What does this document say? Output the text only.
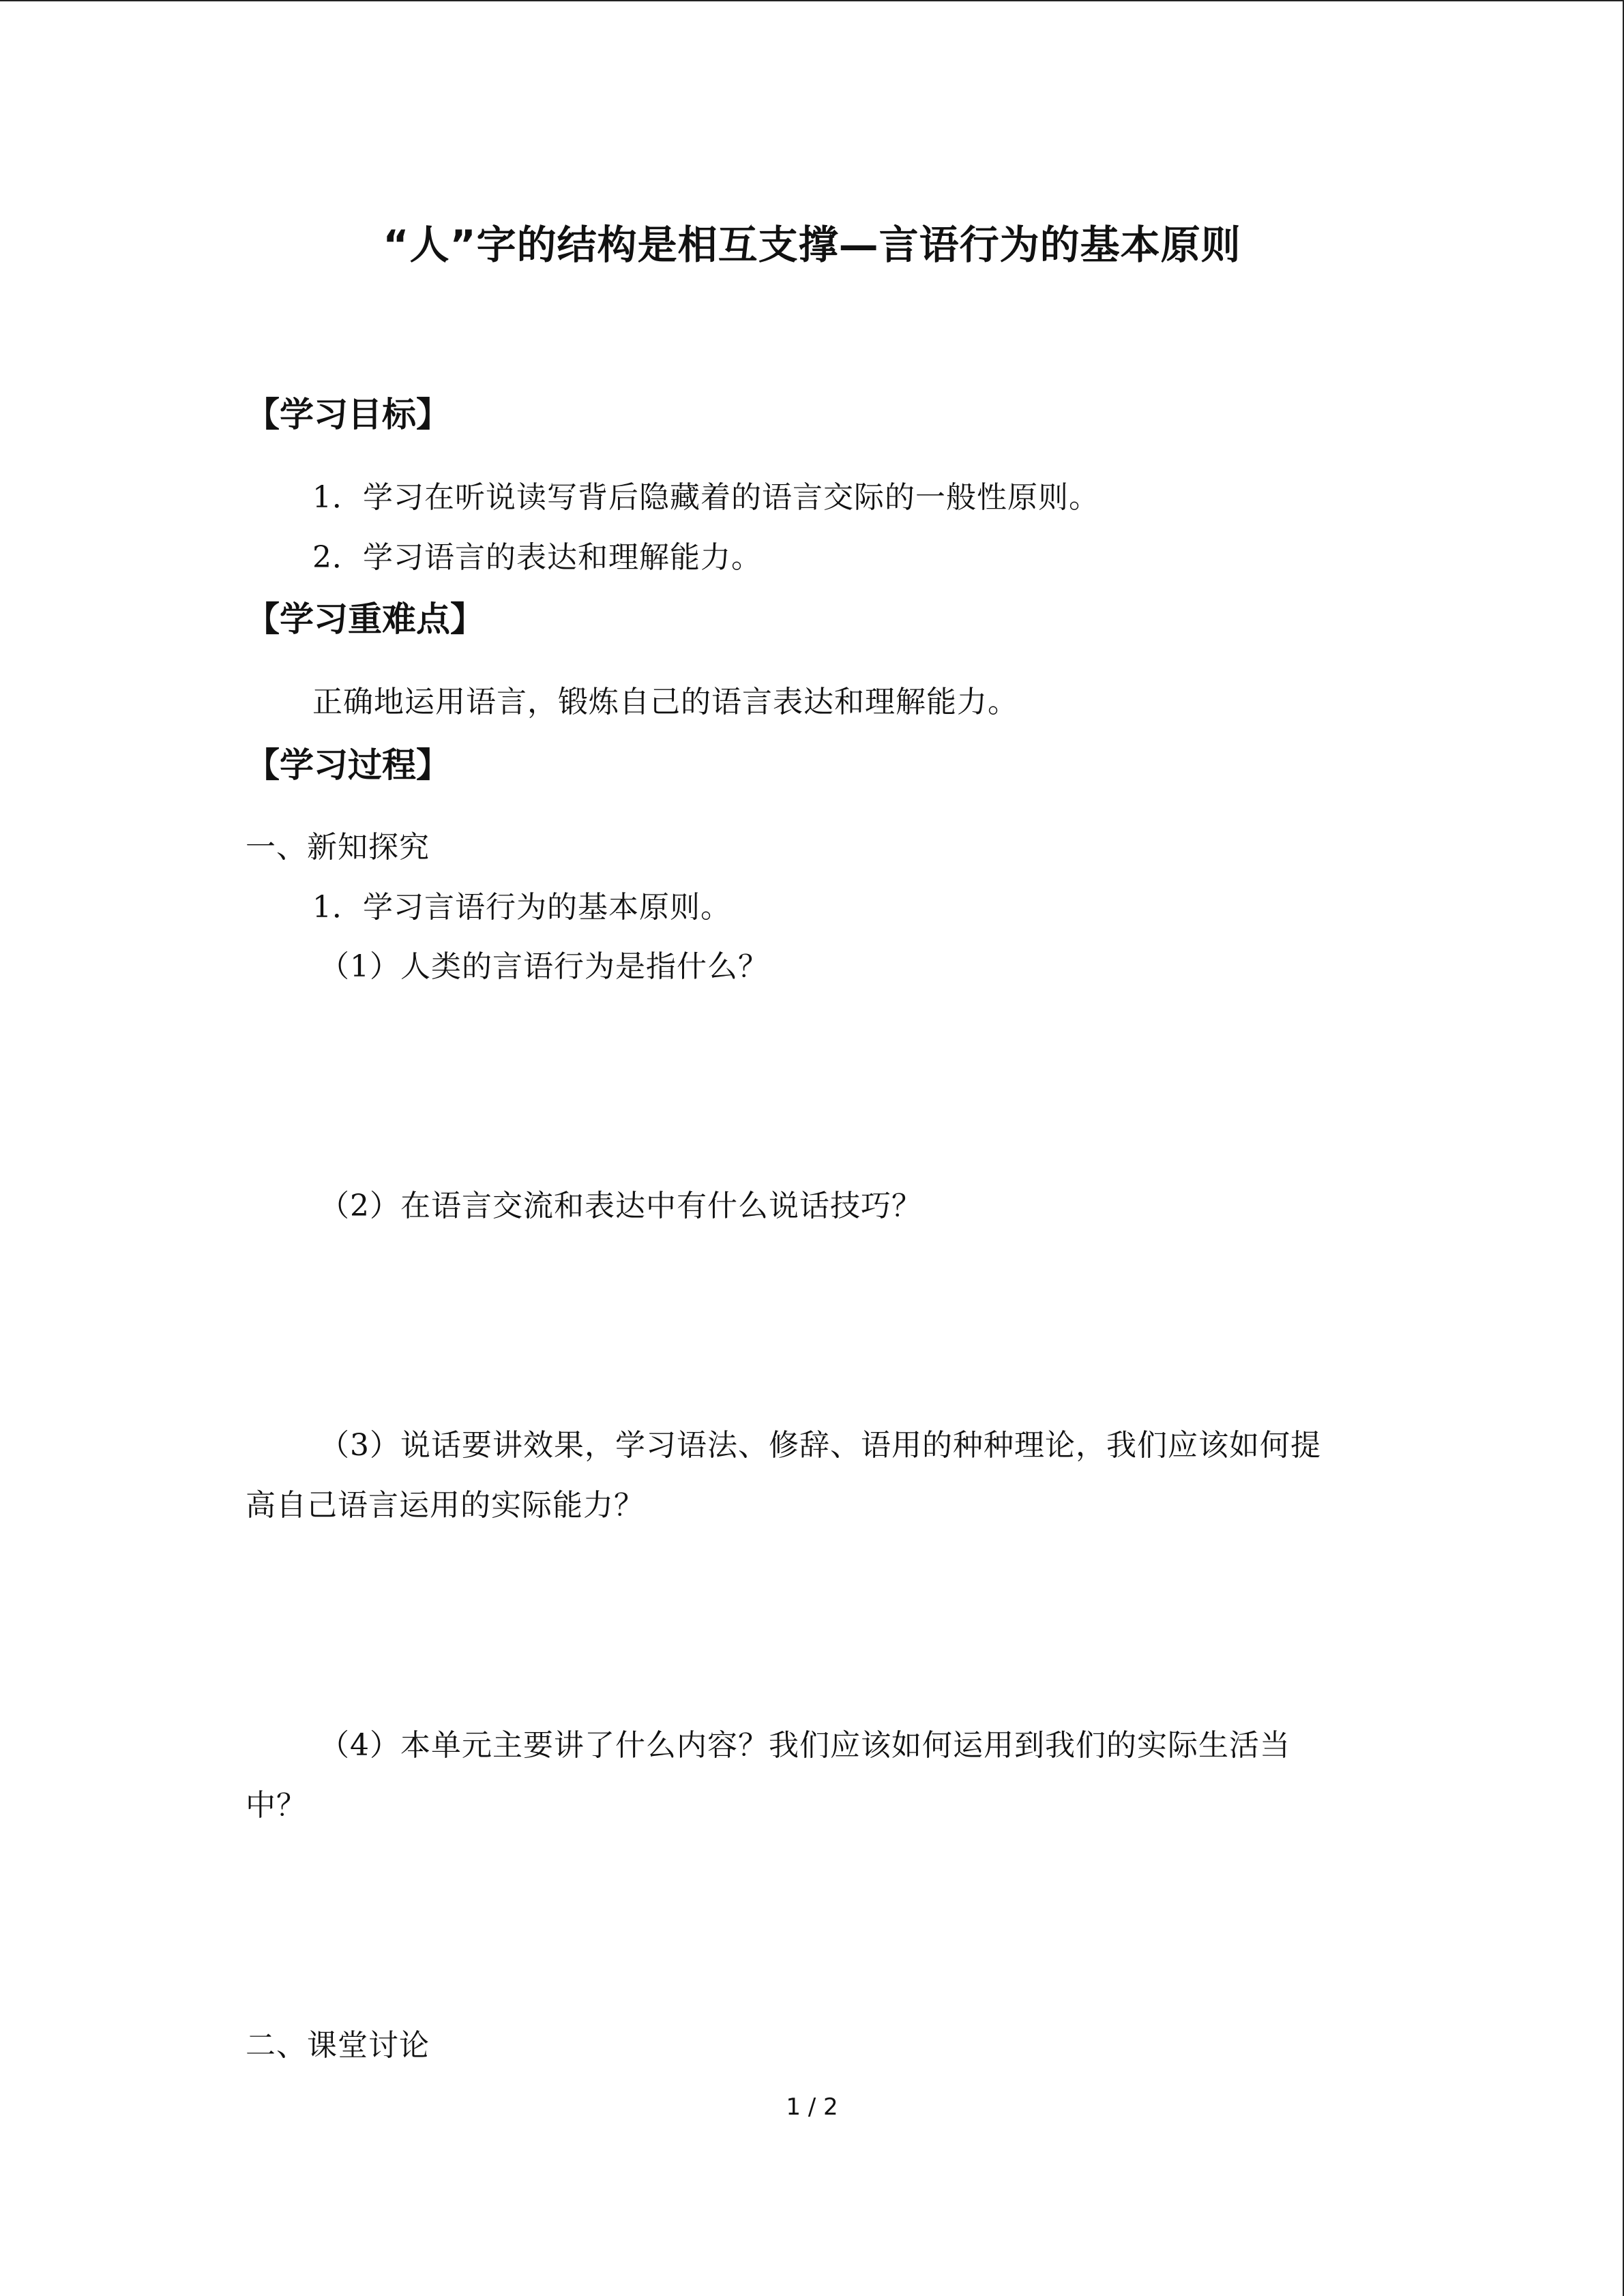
“人”字的结构是相互支撑—言语行为的基本原则
【学习目标】
1．学习在听说读写背后隐藏着的语言交际的一般性原则。
2．学习语言的表达和理解能力。
【学习重难点】
正确地运用语言，锻炼自己的语言表达和理解能力。
【学习过程】
一、新知探究
1．学习言语行为的基本原则。
（1）人类的言语行为是指什么？
（2）在语言交流和表达中有什么说话技巧？
（3）说话要讲效果，学习语法、修辞、语用的种种理论，我们应该如何提
高自己语言运用的实际能力？
（4）本单元主要讲了什么内容？我们应该如何运用到我们的实际生活当
中？
二、课堂讨论
1 / 2
